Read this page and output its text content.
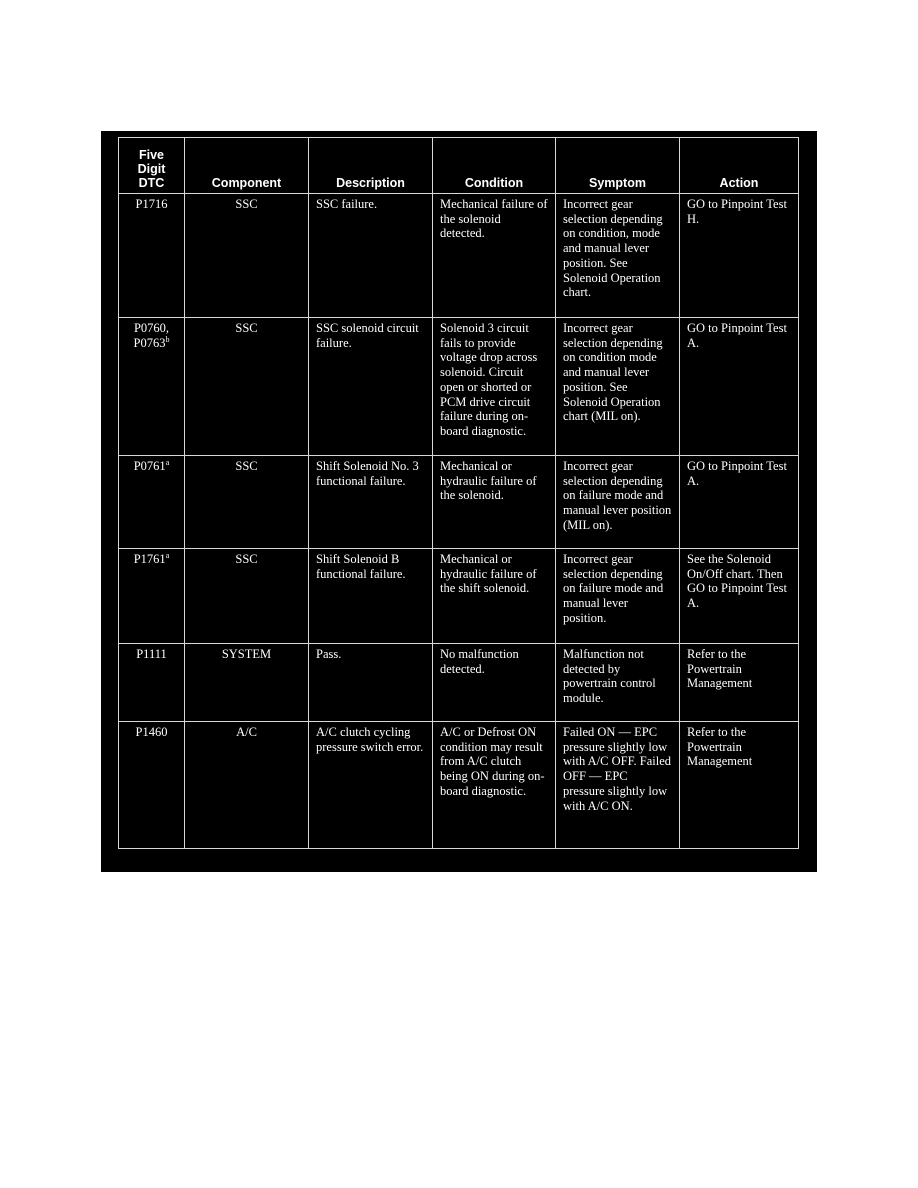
Five Digit DTC	Component	Description	Condition	Symptom	Action
P1716	SSC	SSC failure.	Mechanical failure of the solenoid detected.	Incorrect gear selection depending on condition, mode and manual lever position. See Solenoid Operation chart.	GO to Pinpoint Test H.
P0760, P0763$^b$	SSC	SSC solenoid circuit failure.	Solenoid 3 circuit fails to provide voltage drop across solenoid. Circuit open or shorted or PCM drive circuit failure during on-board diagnostic.	Incorrect gear selection depending on condition mode and manual lever position. See Solenoid Operation chart (MIL on).	GO to Pinpoint Test A.
P0761$^a$	SSC	Shift Solenoid No. 3 functional failure.	Mechanical or hydraulic failure of the solenoid.	Incorrect gear selection depending on failure mode and manual lever position (MIL on).	GO to Pinpoint Test A.
P1761$^a$	SSC	Shift Solenoid B functional failure.	Mechanical or hydraulic failure of the shift solenoid.	Incorrect gear selection depending on failure mode and manual lever position.	See the Solenoid On/Off chart. Then GO to Pinpoint Test A.
P1111	SYSTEM	Pass.	No malfunction detected.	Malfunction not detected by powertrain control module.	Refer to the Powertrain Management
P1460	A/C	A/C clutch cycling pressure switch error.	A/C or Defrost ON condition may result from A/C clutch being ON during on-board diagnostic.	Failed ON — EPC pressure slightly low with A/C OFF. Failed OFF — EPC pressure slightly low with A/C ON.	Refer to the Powertrain Management
